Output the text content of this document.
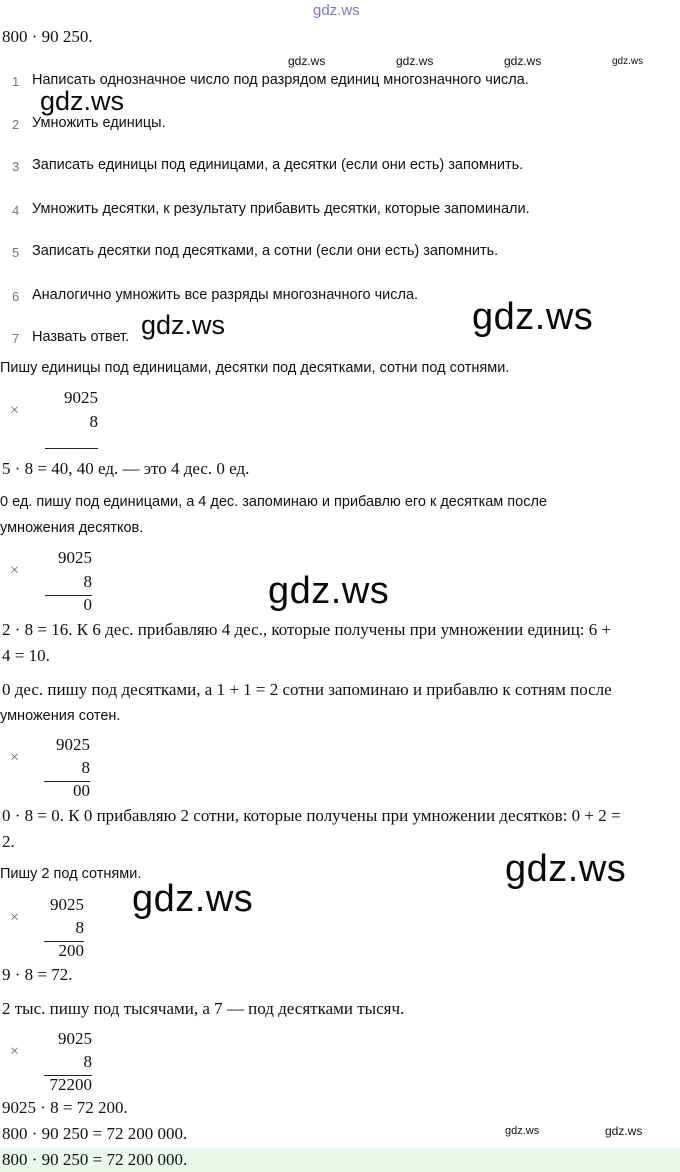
gdz.ws
800 · 90 250.
gdz.ws	gdz.ws	gdz.ws	gdz.ws
1 Написать однозначное число под разрядом единиц многозначного числа.
2 Умножить единицы.
3 Записать единицы под единицами, а десятки (если они есть) запомнить.
4 Умножить десятки, к результату прибавить десятки, которые запоминали.
5 Записать десятки под десятками, а сотни (если они есть) запомнить.
6 Аналогично умножить все разряды многозначного числа.
7 Назвать ответ.
gdz.ws
gdz.ws	gdz.ws
Пишу единицы под единицами, десятки под десятками, сотни под сотнями.
×
9025
8
5 · 8 = 40, 40 ед. — это 4 дес. 0 ед.
0 ед. пишу под единицами, а 4 дес. запоминаю и прибавлю его к десяткам после
умножения десятков.
×
9025
8
0	gdz.ws
2 · 8 = 16. К 6 дес. прибавляю 4 дес., которые получены при умножении единиц: 6 +
4 = 10.
0 дес. пишу под десятками, а 1 + 1 = 2 сотни запоминаю и прибавлю к сотням после
умножения сотен.
×
9025
8
00
0 · 8 = 0. К 0 прибавляю 2 сотни, которые получены при умножении десятков: 0 + 2 =
2.
gdz.ws
Пишу 2 под сотнями.
×
9025
8
200
gdz.ws
9 · 8 = 72.
2 тыс. пишу под тысячами, а 7 — под десятками тысяч.
×
9025
8
72200
9025 · 8 = 72 200.
800 · 90 250 = 72 200 000.	gdz.ws	gdz.ws
800 · 90 250 = 72 200 000.
